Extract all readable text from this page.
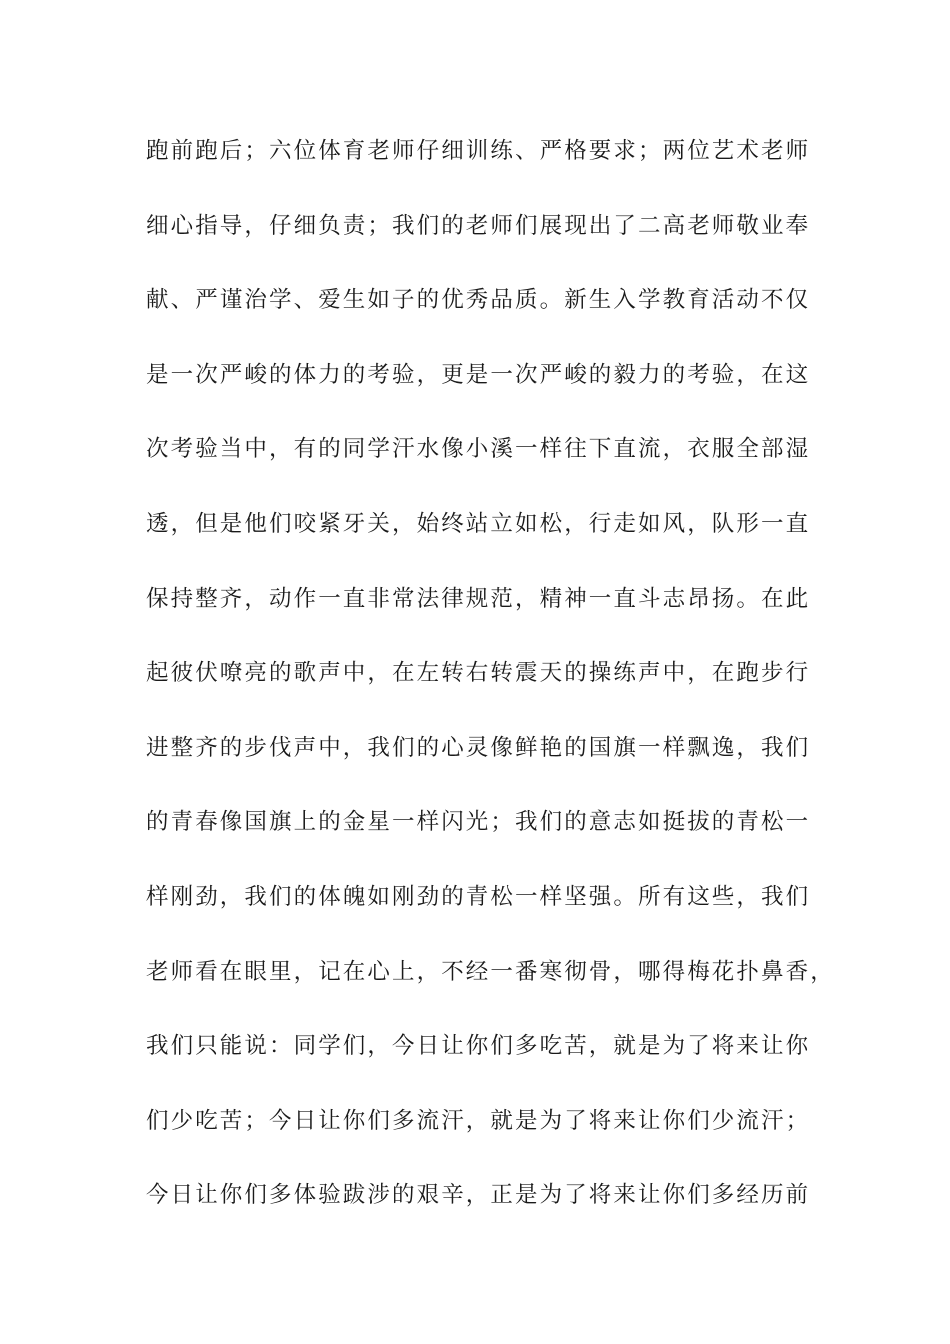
跑前跑后；六位体育老师仔细训练、严格要求；两位艺术老师
细心指导，仔细负责；我们的老师们展现出了二高老师敬业奉
献、严谨治学、爱生如子的优秀品质。新生入学教育活动不仅
是一次严峻的体力的考验，更是一次严峻的毅力的考验，在这
次考验当中，有的同学汗水像小溪一样往下直流，衣服全部湿
透，但是他们咬紧牙关，始终站立如松，行走如风，队形一直
保持整齐，动作一直非常法律规范，精神一直斗志昂扬。在此
起彼伏嘹亮的歌声中，在左转右转震天的操练声中，在跑步行
进整齐的步伐声中，我们的心灵像鲜艳的国旗一样飘逸，我们
的青春像国旗上的金星一样闪光；我们的意志如挺拔的青松一
样刚劲，我们的体魄如刚劲的青松一样坚强。所有这些，我们
老师看在眼里，记在心上，不经一番寒彻骨，哪得梅花扑鼻香，
我们只能说：同学们，今日让你们多吃苦，就是为了将来让你
们少吃苦；今日让你们多流汗，就是为了将来让你们少流汗；
今日让你们多体验跋涉的艰辛，正是为了将来让你们多经历前
